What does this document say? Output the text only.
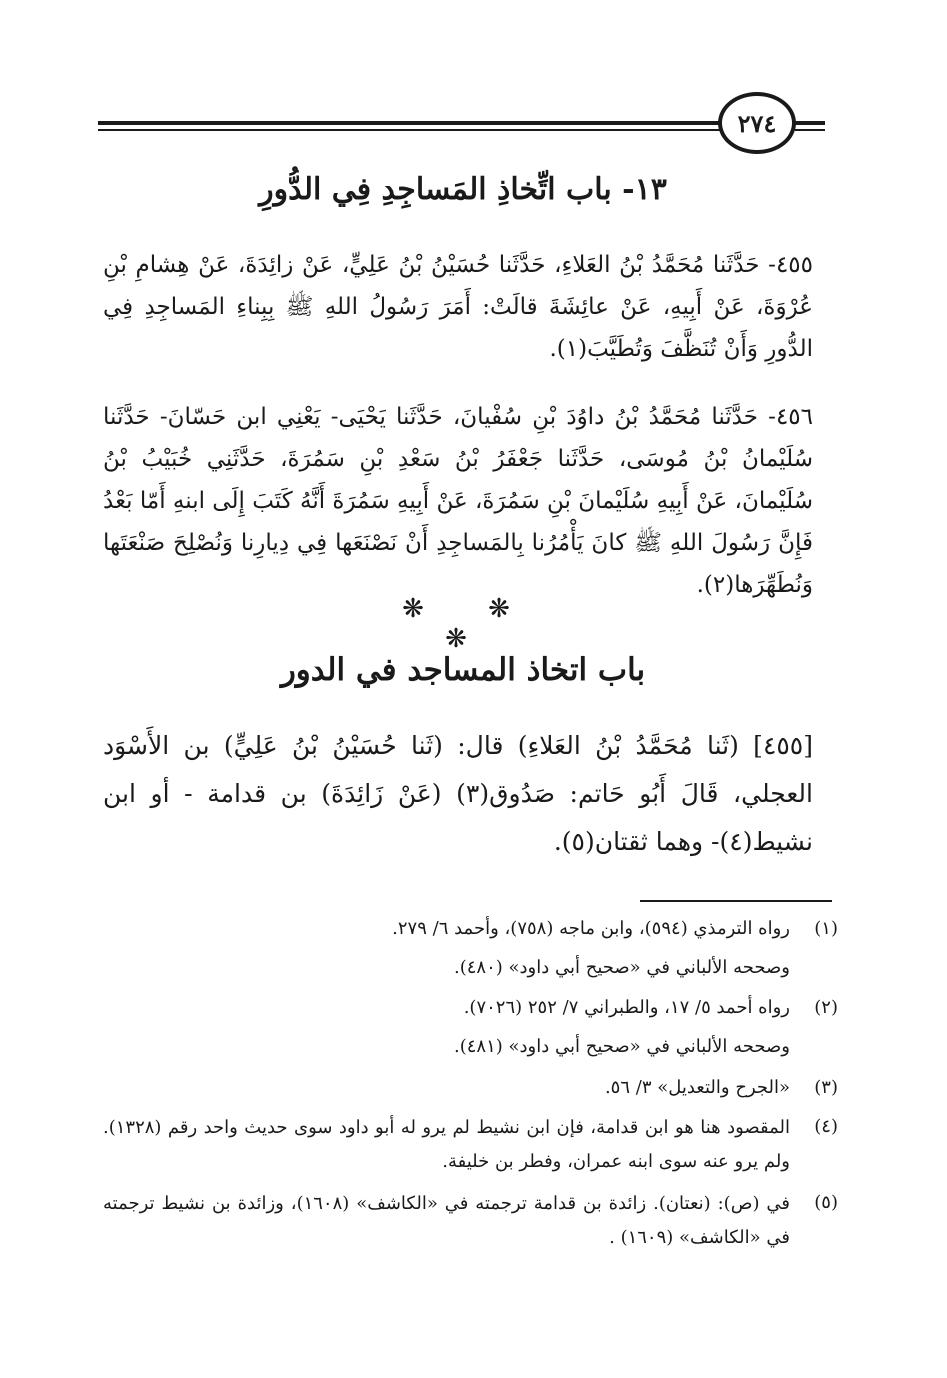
٢٧٤
١٣- باب اتِّخاذِ المَساجِدِ فِي الدُّورِ
٤٥٥- حَدَّثَنا مُحَمَّدُ بْنُ العَلاءِ، حَدَّثَنا حُسَيْنُ بْنُ عَلِيٍّ، عَنْ زائِدَةَ، عَنْ هِشامِ بْنِ عُرْوَةَ، عَنْ أَبِيهِ، عَنْ عائِشَةَ قالَتْ: أَمَرَ رَسُولُ اللهِ ﷺ بِبِناءِ المَساجِدِ فِي الدُّورِ وَأَنْ تُنَظَّفَ وَتُطَيَّبَ(١).
٤٥٦- حَدَّثَنا مُحَمَّدُ بْنُ داوُدَ بْنِ سُفْيانَ، حَدَّثَنا يَحْيَى- يَعْنِي ابن حَسّانَ- حَدَّثَنا سُلَيْمانُ بْنُ مُوسَى، حَدَّثَنا جَعْفَرُ بْنُ سَعْدِ بْنِ سَمُرَةَ، حَدَّثَنِي خُبَيْبُ بْنُ سُلَيْمانَ، عَنْ أَبِيهِ سُلَيْمانَ بْنِ سَمُرَةَ، عَنْ أَبِيهِ سَمُرَةَ أَنَّهُ كَتَبَ إِلَى ابنهِ أَمّا بَعْدُ فَإِنَّ رَسُولَ اللهِ ﷺ كانَ يَأْمُرُنا بِالمَساجِدِ أَنْ نَصْنَعَها فِي دِيارِنا وَنُصْلِحَ صَنْعَتَها وَنُطَهِّرَها(٢).
❋ ❋ ❋
باب اتخاذ المساجد في الدور
[٤٥٥] (ثَنا مُحَمَّدُ بْنُ العَلاءِ) قال: (ثَنا حُسَيْنُ بْنُ عَلِيٍّ) بن الأَسْوَد العجلي، قَالَ أَبُو حَاتم: صَدُوق(٣) (عَنْ زَائِدَةَ) بن قدامة - أو ابن نشيط(٤)- وهما ثقتان(٥).
(١)
رواه الترمذي (٥٩٤)، وابن ماجه (٧٥٨)، وأحمد ٦/ ٢٧٩.
وصححه الألباني في «صحيح أبي داود» (٤٨٠).
(٢)
رواه أحمد ٥/ ١٧، والطبراني ٧/ ٢٥٢ (٧٠٢٦).
وصححه الألباني في «صحيح أبي داود» (٤٨١).
(٣)
«الجرح والتعديل» ٣/ ٥٦.
(٤)
المقصود هنا هو ابن قدامة، فإن ابن نشيط لم يرو له أبو داود سوى حديث واحد رقم (١٣٢٨). ولم يرو عنه سوى ابنه عمران، وفطر بن خليفة.
(٥)
في (ص): (نعتان). زائدة بن قدامة ترجمته في «الكاشف» (١٦٠٨)، وزائدة بن نشيط ترجمته في «الكاشف» (١٦٠٩) .
